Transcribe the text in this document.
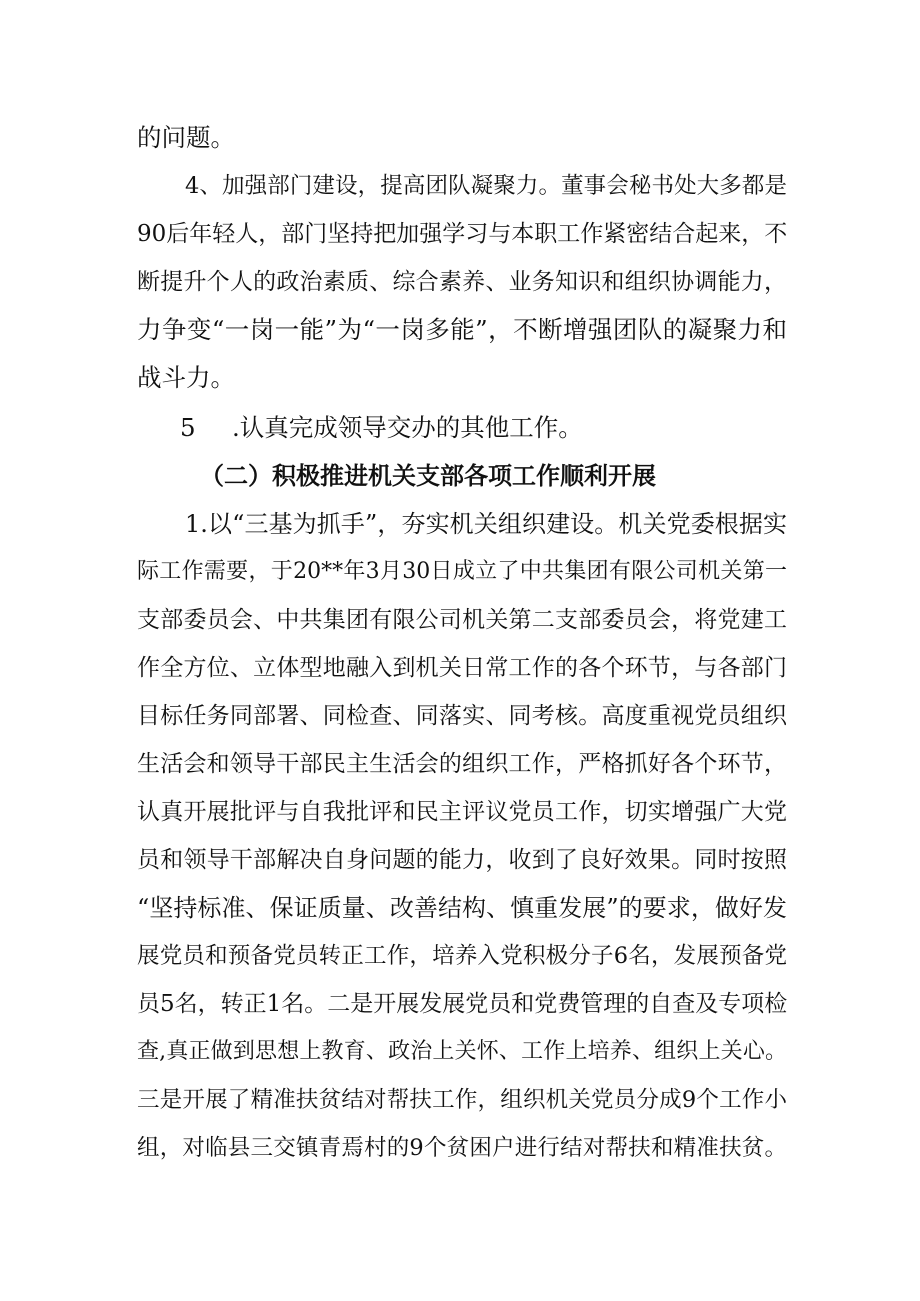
的问题。
4、加强部门建设，提高团队凝聚力。董事会秘书处大多都是
90后年轻人，部门坚持把加强学习与本职工作紧密结合起来，不
断提升个人的政治素质、综合素养、业务知识和组织协调能力，
力争变“一岗一能”为“一岗多能”，不断增强团队的凝聚力和
战斗力。
5 .认真完成领导交办的其他工作。
（二）积极推进机关支部各项工作顺利开展
1.以“三基为抓手”，夯实机关组织建设。机关党委根据实
际工作需要，于20**年3月30日成立了中共集团有限公司机关第一
支部委员会、中共集团有限公司机关第二支部委员会，将党建工
作全方位、立体型地融入到机关日常工作的各个环节，与各部门
目标任务同部署、同检查、同落实、同考核。高度重视党员组织
生活会和领导干部民主生活会的组织工作，严格抓好各个环节，
认真开展批评与自我批评和民主评议党员工作，切实增强广大党
员和领导干部解决自身问题的能力，收到了良好效果。同时按照
“坚持标准、保证质量、改善结构、慎重发展”的要求，做好发
展党员和预备党员转正工作，培养入党积极分子6名，发展预备党
员5名，转正1名。二是开展发展党员和党费管理的自查及专项检
查,真正做到思想上教育、政治上关怀、工作上培养、组织上关心。
三是开展了精准扶贫结对帮扶工作，组织机关党员分成9个工作小
组，对临县三交镇青焉村的9个贫困户进行结对帮扶和精准扶贫。
